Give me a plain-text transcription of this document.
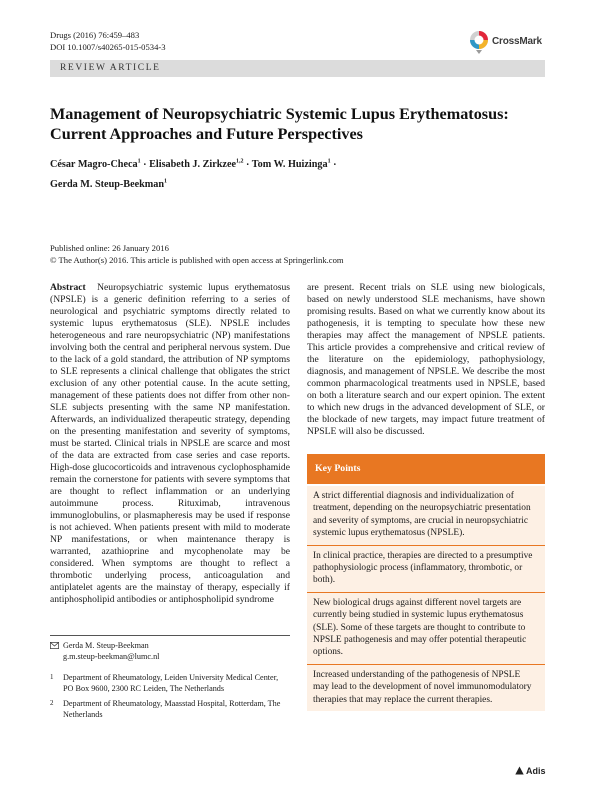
Drugs (2016) 76:459–483
DOI 10.1007/s40265-015-0534-3	CrossMark
REVIEW ARTICLE
Management of Neuropsychiatric Systemic Lupus Erythematosus: Current Approaches and Future Perspectives
César Magro-Checa$^1$ · Elisabeth J. Zirkzee$^{1,2}$ · Tom W. Huizinga$^1$ ·
Gerda M. Steup-Beekman$^1$
Published online: 26 January 2016
© The Author(s) 2016. This article is published with open access at Springerlink.com
Abstract Neuropsychiatric systemic lupus erythematosus (NPSLE) is a generic definition referring to a series of neurological and psychiatric symptoms directly related to systemic lupus erythematosus (SLE). NPSLE includes heterogeneous and rare neuropsychiatric (NP) manifestations involving both the central and peripheral nervous system. Due to the lack of a gold standard, the attribution of NP symptoms to SLE represents a clinical challenge that obligates the strict exclusion of any other potential cause. In the acute setting, management of these patients does not differ from other non-SLE subjects presenting with the same NP manifestation. Afterwards, an individualized therapeutic strategy, depending on the presenting manifestation and severity of symptoms, must be started. Clinical trials in NPSLE are scarce and most of the data are extracted from case series and case reports. High-dose glucocorticoids and intravenous cyclophosphamide remain the cornerstone for patients with severe symptoms that are thought to reflect inflammation or an underlying autoimmune process. Rituximab, intravenous immunoglobulins, or plasmapheresis may be used if response is not achieved. When patients present with mild to moderate NP manifestations, or when maintenance therapy is warranted, azathioprine and mycophenolate may be considered. When symptoms are thought to reflect a thrombotic underlying process, anticoagulation and antiplatelet agents are the mainstay of therapy, especially if antiphospholipid antibodies or antiphospholipid syndrome
are present. Recent trials on SLE using new biologicals, based on newly understood SLE mechanisms, have shown promising results. Based on what we currently know about its pathogenesis, it is tempting to speculate how these new therapies may affect the management of NPSLE patients. This article provides a comprehensive and critical review of the literature on the epidemiology, pathophysiology, diagnosis, and management of NPSLE. We describe the most common pharmacological treatments used in NPSLE, based on both a literature search and our expert opinion. The extent to which new drugs in the advanced development of SLE, or the blockade of new targets, may impact future treatment of NPSLE will also be discussed.
Key Points
A strict differential diagnosis and individualization of treatment, depending on the neuropsychiatric presentation and severity of symptoms, are crucial in neuropsychiatric systemic lupus erythematosus (NPSLE).
In clinical practice, therapies are directed to a presumptive pathophysiologic process (inflammatory, thrombotic, or both).
New biological drugs against different novel targets are currently being studied in systemic lupus erythematosus (SLE). Some of these targets are thought to contribute to NPSLE pathogenesis and may offer potential therapeutic options.
Increased understanding of the pathogenesis of NPSLE may lead to the development of novel immunomodulatory therapies that may replace the current therapies.
Gerda M. Steup-Beekman
g.m.steup-beekman@lumc.nl
1 Department of Rheumatology, Leiden University Medical Center, PO Box 9600, 2300 RC Leiden, The Netherlands
2 Department of Rheumatology, Maasstad Hospital, Rotterdam, The Netherlands
Adis
